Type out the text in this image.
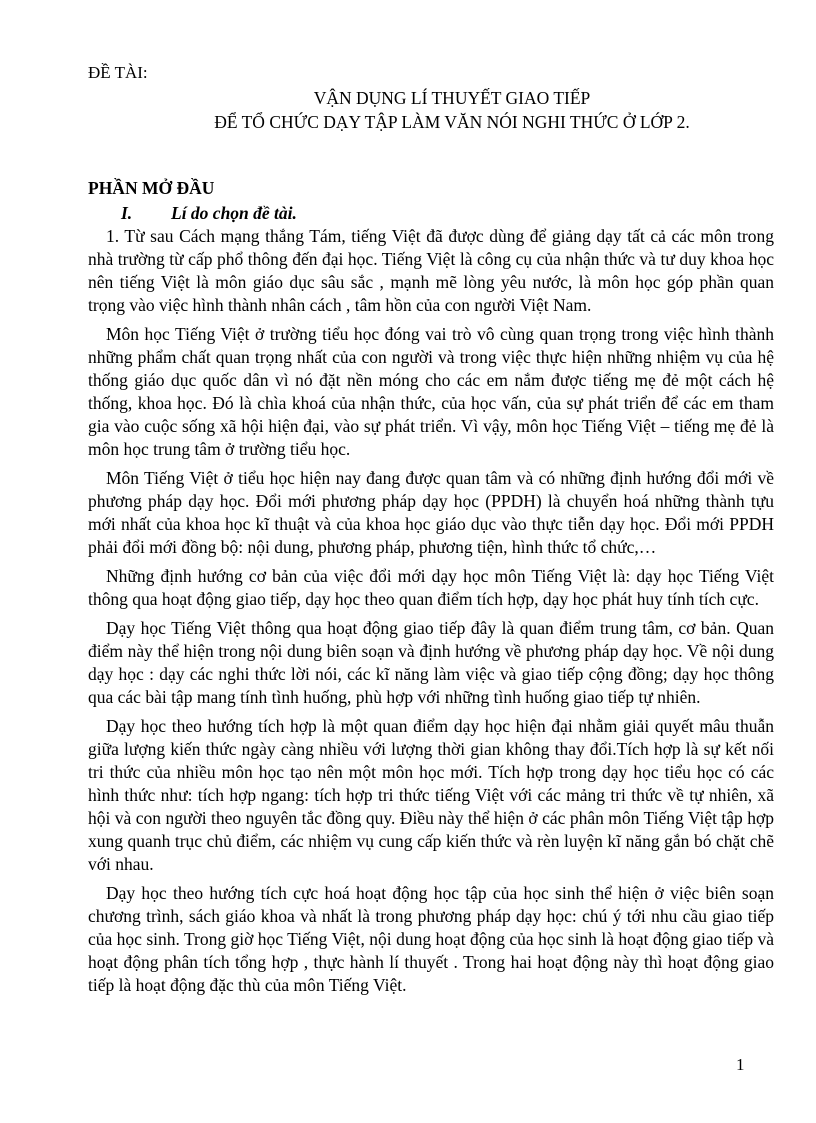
ĐỀ TÀI:
VẬN DỤNG LÍ THUYẾT GIAO TIẾP
ĐỂ TỔ CHỨC DẠY TẬP LÀM VĂN NÓI NGHI THỨC Ở LỚP 2.
PHẦN MỞ ĐẦU
I. Lí do chọn đề tài.

1. Từ sau Cách mạng thắng Tám, tiếng Việt đã được dùng để giảng dạy tất cả các môn trong nhà trường từ cấp phổ thông đến đại học. Tiếng Việt là công cụ của nhận thức và tư duy khoa học nên tiếng Việt là môn giáo dục sâu sắc , mạnh mẽ lòng yêu nước, là môn học góp phần quan trọng vào việc hình thành nhân cách , tâm hồn của con người Việt Nam.

Môn học Tiếng Việt ở trường tiểu học đóng vai trò vô cùng quan trọng trong việc hình thành những phẩm chất quan trọng nhất của con người và trong việc thực hiện những nhiệm vụ của hệ thống giáo dục quốc dân vì nó đặt nền móng cho các em nắm được tiếng mẹ đẻ một cách hệ thống, khoa học. Đó là chìa khoá của nhận thức, của học vấn, của sự phát triển để các em tham gia vào cuộc sống xã hội hiện đại, vào sự phát triển. Vì vậy, môn học Tiếng Việt – tiếng mẹ đẻ là môn học trung tâm ở trường tiểu học.

Môn Tiếng Việt ở tiểu học hiện nay đang được quan tâm và có những định hướng đổi mới về phương pháp dạy học. Đổi mới phương pháp dạy học (PPDH) là chuyển hoá những thành tựu mới nhất của khoa học kĩ thuật và của khoa học giáo dục vào thực tiễn dạy học. Đổi mới PPDH phải đổi mới đồng bộ: nội dung, phương pháp, phương tiện, hình thức tổ chức,…

Những định hướng cơ bản của việc đổi mới dạy học môn Tiếng Việt là: dạy học Tiếng Việt thông qua hoạt động giao tiếp, dạy học theo quan điểm tích hợp, dạy học phát huy tính tích cực.

Dạy học Tiếng Việt thông qua hoạt động giao tiếp đây là quan điểm trung tâm, cơ bản. Quan điểm này thể hiện trong nội dung biên soạn và định hướng về phương pháp dạy học. Về nội dung dạy học : dạy các nghi thức lời nói, các kĩ năng làm việc và giao tiếp cộng đồng; dạy học thông qua các bài tập mang tính tình huống, phù hợp với những tình huống giao tiếp tự nhiên.

Dạy học theo hướng tích hợp là một quan điểm dạy học hiện đại nhằm giải quyết mâu thuẫn giữa lượng kiến thức ngày càng nhiều với lượng thời gian không thay đổi.Tích hợp là sự kết nối tri thức của nhiều môn học tạo nên một môn học mới. Tích hợp trong dạy học tiểu học có các hình thức như: tích hợp ngang: tích hợp tri thức tiếng Việt với các mảng tri thức về tự nhiên, xã hội và con người theo nguyên tắc đồng quy. Điều này thể hiện ở các phân môn Tiếng Việt tập hợp xung quanh trục chủ điểm, các nhiệm vụ cung cấp kiến thức và rèn luyện kĩ năng gắn bó chặt chẽ với nhau.

Dạy học theo hướng tích cực hoá hoạt động học tập của học sinh thể hiện ở việc biên soạn chương trình, sách giáo khoa và nhất là trong phương pháp dạy học: chú ý tới nhu cầu giao tiếp của học sinh. Trong giờ học Tiếng Việt, nội dung hoạt động của học sinh là hoạt động giao tiếp và hoạt động phân tích tổng hợp , thực hành lí thuyết . Trong hai hoạt động này thì hoạt động giao tiếp là hoạt động đặc thù của môn Tiếng Việt.

1
